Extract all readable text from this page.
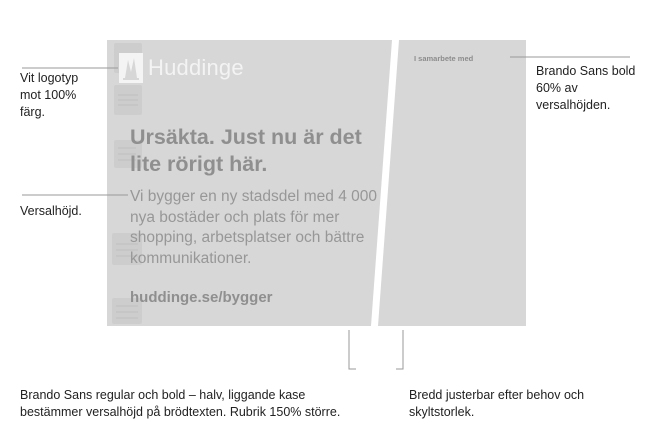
Huddinge	I samarbete med
Ursäkta. Just nu är det lite rörigt här.
Vi bygger en ny stadsdel med 4 000 nya bostäder och plats för mer shopping, arbetsplatser och bättre kommunikationer.
huddinge.se/bygger
Vit logotyp mot 100% färg.
Versalhöjd.
Brando Sans bold 60% av versalhöjden.
Brando Sans regular och bold – halv, liggande kase bestämmer versalhöjd på brödtexten. Rubrik 150% större.
Bredd justerbar efter behov och skyltstorlek.
